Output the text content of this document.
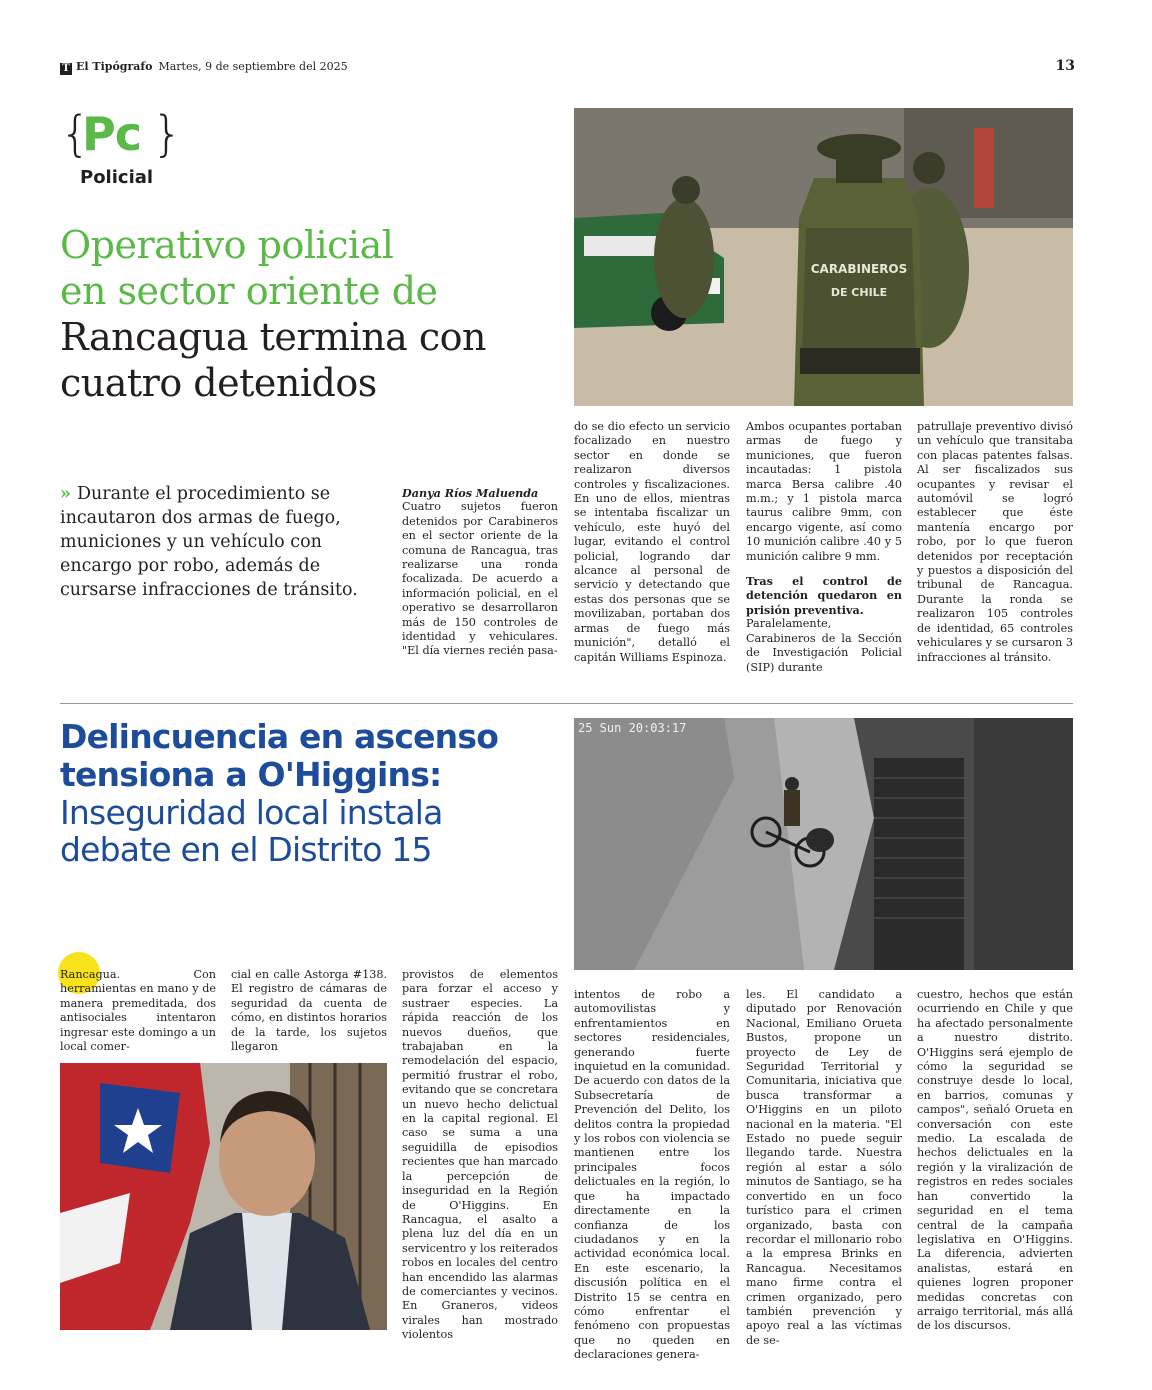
T El Tipógrafo Martes, 9 de septiembre del 2025	13
{
Pc }
Policial
Operativo policial
en sector oriente de
Rancagua termina con
cuatro detenidos
CARABINEROS
DE CHILE
» Durante el procedimiento se incautaron dos armas de fuego, municiones y un vehículo con encargo por robo, además de cursarse infracciones de tránsito.
Danya Ríos Maluenda
Cuatro sujetos fueron detenidos por Carabineros en el sector oriente de la comuna de Rancagua, tras realizarse una ronda focalizada. De acuerdo a información policial, en el operativo se desarrollaron más de 150 controles de identidad y vehiculares. "El día viernes recién pasa-
do se dio efecto un servicio focalizado en nuestro sector en donde se realizaron diversos controles y fiscalizaciones. En uno de ellos, mientras se intentaba fiscalizar un vehículo, este huyó del lugar, evitando el control policial, logrando dar alcance al personal de servicio y detectando que estas dos personas que se movilizaban, portaban dos armas de fuego más munición", detalló el capitán Williams Espinoza.
Ambos ocupantes portaban armas de fuego y municiones, que fueron incautadas: 1 pistola marca Bersa calibre .40 m.m.; y 1 pistola marca taurus calibre 9mm, con encargo vigente, así como 10 munición calibre .40 y 5 munición calibre 9 mm.
Tras el control de detención quedaron en prisión preventiva.
Paralelamente, Carabineros de la Sección de Investigación Policial (SIP) durante
patrullaje preventivo divisó un vehículo que transitaba con placas patentes falsas. Al ser fiscalizados sus ocupantes y revisar el automóvil se logró establecer que éste mantenía encargo por robo, por lo que fueron detenidos por receptación y puestos a disposición del tribunal de Rancagua. Durante la ronda se realizaron 105 controles de identidad, 65 controles vehiculares y se cursaron 3 infracciones al tránsito.
Delincuencia en ascenso
tensiona a O'Higgins:
Inseguridad local instala
debate en el Distrito 15
25 Sun 20:03:17
Rancagua. Con herramientas en mano y de manera premeditada, dos antisociales intentaron ingresar este domingo a un local comer-
cial en calle Astorga #138. El registro de cámaras de seguridad da cuenta de cómo, en distintos horarios de la tarde, los sujetos llegaron
provistos de elementos para forzar el acceso y sustraer especies. La rápida reacción de los nuevos dueños, que trabajaban en la remodelación del espacio, permitió frustrar el robo, evitando que se concretara un nuevo hecho delictual en la capital regional. El caso se suma a una seguidilla de episodios recientes que han marcado la percepción de inseguridad en la Región de O'Higgins. En Rancagua, el asalto a plena luz del día en un servicentro y los reiterados robos en locales del centro han encendido las alarmas de comerciantes y vecinos. En Graneros, videos virales han mostrado violentos
intentos de robo a automovilistas y enfrentamientos en sectores residenciales, generando fuerte inquietud en la comunidad. De acuerdo con datos de la Subsecretaría de Prevención del Delito, los delitos contra la propiedad y los robos con violencia se mantienen entre los principales focos delictuales en la región, lo que ha impactado directamente en la confianza de los ciudadanos y en la actividad económica local. En este escenario, la discusión política en el Distrito 15 se centra en cómo enfrentar el fenómeno con propuestas que no queden en declaraciones genera-
les. El candidato a diputado por Renovación Nacional, Emiliano Orueta Bustos, propone un proyecto de Ley de Seguridad Territorial y Comunitaria, iniciativa que busca transformar a O'Higgins en un piloto nacional en la materia. "El Estado no puede seguir llegando tarde. Nuestra región al estar a sólo minutos de Santiago, se ha convertido en un foco turístico para el crimen organizado, basta con recordar el millonario robo a la empresa Brinks en Rancagua. Necesitamos mano firme contra el crimen organizado, pero también prevención y apoyo real a las víctimas de se-
cuestro, hechos que están ocurriendo en Chile y que ha afectado personalmente a nuestro distrito. O'Higgins será ejemplo de cómo la seguridad se construye desde lo local, en barrios, comunas y campos", señaló Orueta en conversación con este medio. La escalada de hechos delictuales en la región y la viralización de registros en redes sociales han convertido la seguridad en el tema central de la campaña legislativa en O'Higgins. La diferencia, advierten analistas, estará en quienes logren proponer medidas concretas con arraigo territorial, más allá de los discursos.
